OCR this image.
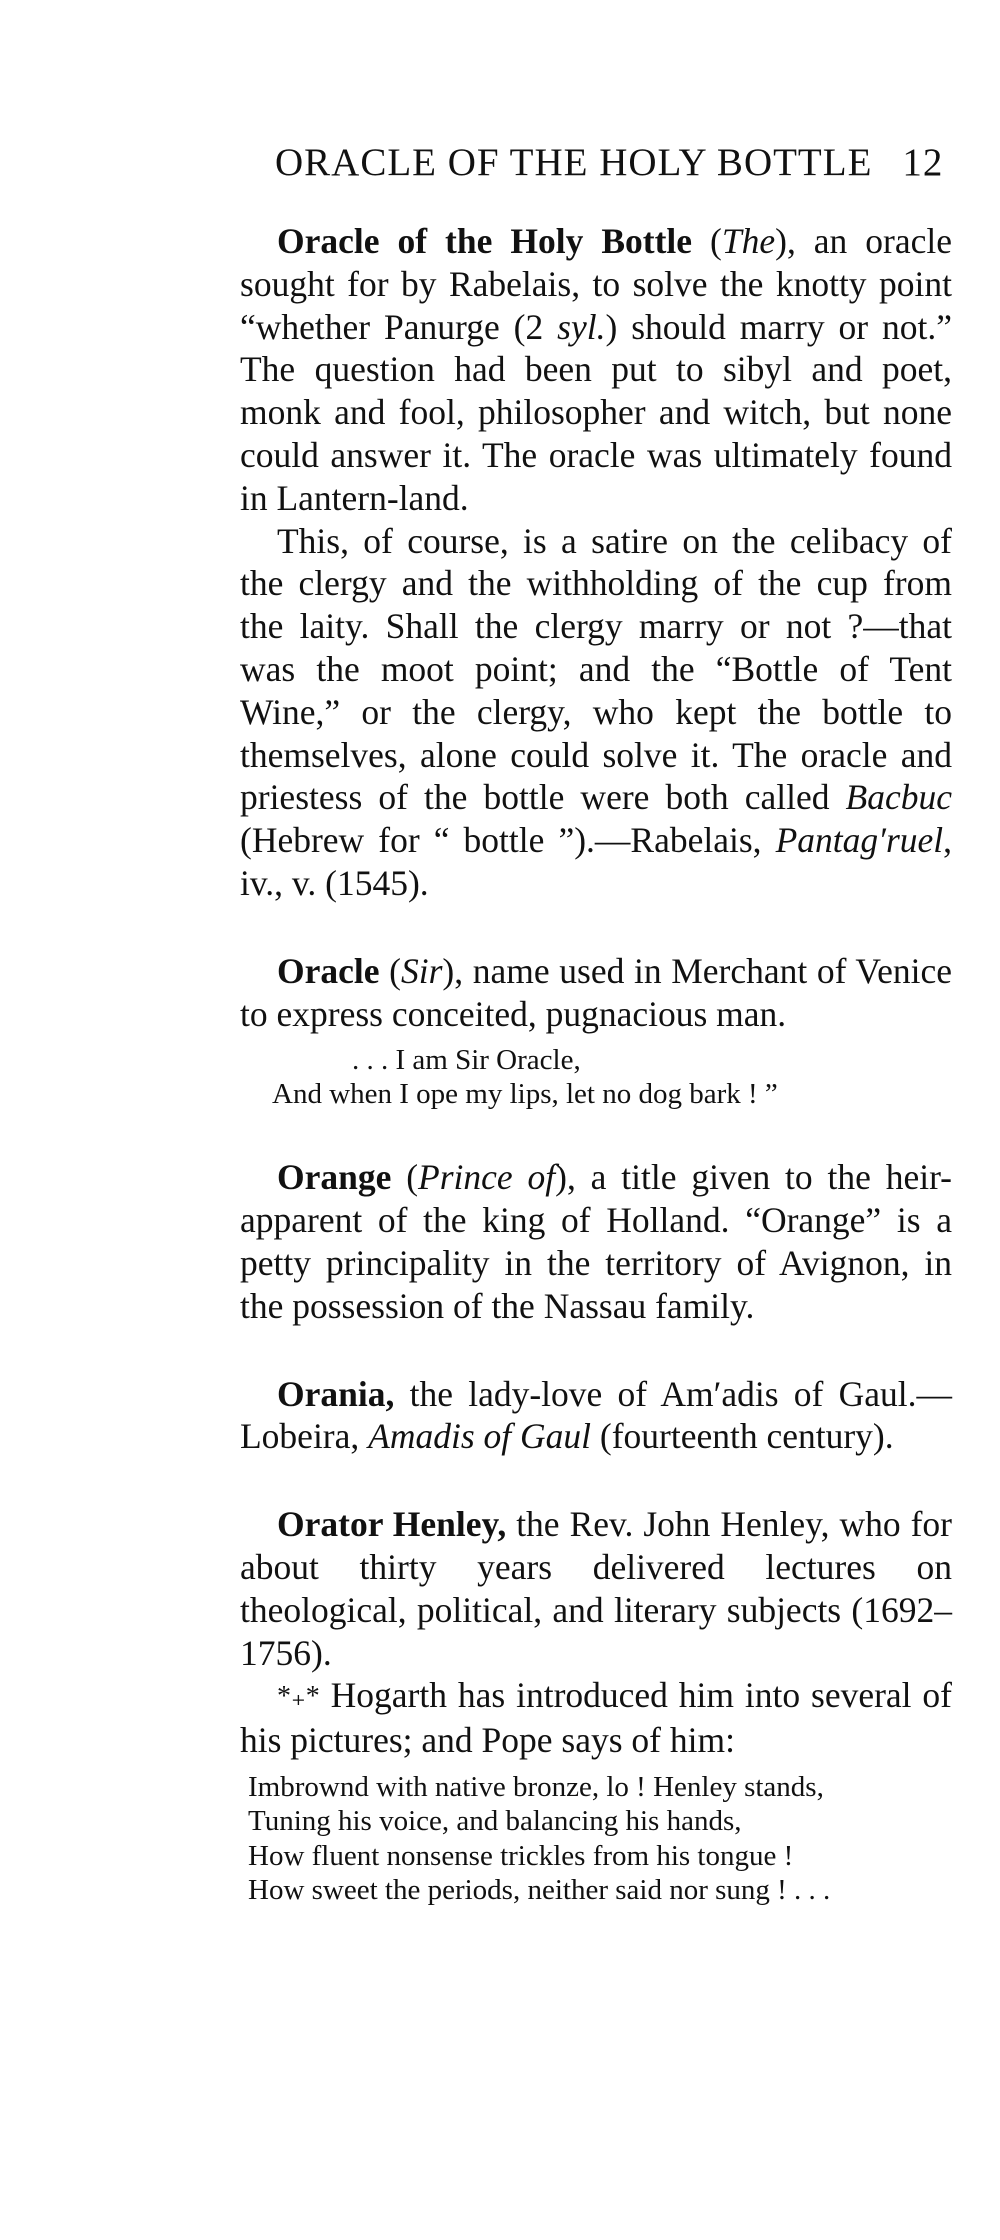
ORACLE OF THE HOLY BOTTLE 12

Oracle of the Holy Bottle (The), an oracle sought for by Rabelais, to solve the knotty point “whether Panurge (2 syl.) should marry or not.” The question had been put to sibyl and poet, monk and fool, philosopher and witch, but none could answer it. The oracle was ultimately found in Lantern-land.

This, of course, is a satire on the celibacy of the clergy and the withholding of the cup from the laity. Shall the clergy marry or not ?—that was the moot point; and the “Bottle of Tent Wine,” or the clergy, who kept the bottle to themselves, alone could solve it. The oracle and priestess of the bottle were both called Bacbuc (Hebrew for “ bottle ”).—Rabelais, Pantag′ruel, iv., v. (1545).

Oracle (Sir), name used in Merchant of Venice to express conceited, pugnacious man.

. . . I am Sir Oracle,
And when I ope my lips, let no dog bark ! ”

Orange (Prince of), a title given to the heir-apparent of the king of Holland. “Orange” is a petty principality in the territory of Avignon, in the possession of the Nassau family.

Orania, the lady-love of Am′adis of Gaul.—Lobeira, Amadis of Gaul (fourteenth century).

Orator Henley, the Rev. John Henley, who for about thirty years delivered lectures on theological, political, and literary subjects (1692–1756).

*₊* Hogarth has introduced him into several of his pictures; and Pope says of him:

Imbrownd with native bronze, lo ! Henley stands,
Tuning his voice, and balancing his hands,
How fluent nonsense trickles from his tongue !
How sweet the periods, neither said nor sung ! . . .
